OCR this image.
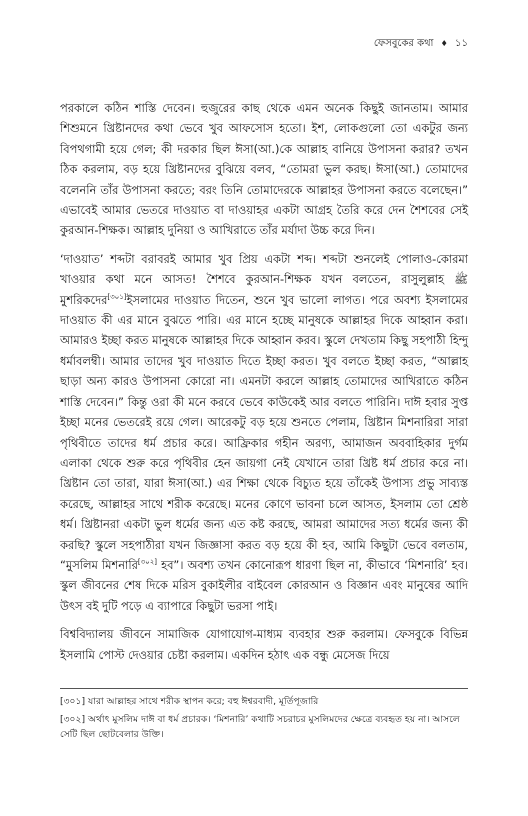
ফেসবুকের কথা ♦ ১১

পরকালে কঠিন শাস্তি দেবেন। হুজুরের কাছ থেকে এমন অনেক কিছুই জানতাম। আমার শিশুমনে খ্রিষ্টানদের কথা ভেবে খুব আফসোস হতো। ইশ, লোকগুলো তো একটুর জন্য বিপথগামী হয়ে গেল; কী দরকার ছিল ঈসা(আ.)কে আল্লাহ বানিয়ে উপাসনা করার? তখন ঠিক করলাম, বড় হয়ে খ্রিষ্টানদের বুঝিয়ে বলব, “তোমরা ভুল করছ। ঈসা(আ.) তোমাদের বলেননি তাঁর উপাসনা করতে; বরং তিনি তোমাদেরকে আল্লাহর উপাসনা করতে বলেছেন।” এভাবেই আমার ভেতরে দাওয়াত বা দাওয়াহর একটা আগ্রহ তৈরি করে দেন শৈশবের সেই কুরআন-শিক্ষক। আল্লাহ দুনিয়া ও আখিরাতে তাঁর মর্যাদা উচ্চ করে দিন।

‘দাওয়াত’ শব্দটা বরাবরই আমার খুব প্রিয় একটা শব্দ। শব্দটা শুনলেই পোলাও-কোরমা খাওয়ার কথা মনে আসত! শৈশবে কুরআন-শিক্ষক যখন বলতেন, রাসুলুল্লাহ ﷺ মুশরিকদের[৩০১]ইসলামের দাওয়াত দিতেন, শুনে খুব ভালো লাগত। পরে অবশ্য ইসলামের দাওয়াত কী এর মানে বুঝতে পারি। এর মানে হচ্ছে মানুষকে আল্লাহর দিকে আহ্বান করা। আমারও ইচ্ছা করত মানুষকে আল্লাহর দিকে আহ্বান করব। স্কুলে দেখতাম কিছু সহপাঠী হিন্দু ধর্মাবলম্বী। আমার তাদের খুব দাওয়াত দিতে ইচ্ছা করত। খুব বলতে ইচ্ছা করত, “আল্লাহ ছাড়া অন্য কারও উপাসনা কোরো না। এমনটা করলে আল্লাহ তোমাদের আখিরাতে কঠিন শাস্তি দেবেন।” কিন্তু ওরা কী মনে করবে ভেবে কাউকেই আর বলতে পারিনি। দাঈ হবার সুপ্ত ইচ্ছা মনের ভেতরেই রয়ে গেল। আরেকটু বড় হয়ে শুনতে পেলাম, খ্রিষ্টান মিশনারিরা সারা পৃথিবীতে তাদের ধর্ম প্রচার করে। আফ্রিকার গহীন অরণ্য, আমাজন অববাহিকার দুর্গম এলাকা থেকে শুরু করে পৃথিবীর হেন জায়গা নেই যেখানে তারা খ্রিষ্ট ধর্ম প্রচার করে না। খ্রিষ্টান তো তারা, যারা ঈসা(আ.) এর শিক্ষা থেকে বিচ্যুত হয়ে তাঁকেই উপাস্য প্রভু সাব্যস্ত করেছে, আল্লাহর সাথে শরীক করেছে। মনের কোণে ভাবনা চলে আসত, ইসলাম তো শ্রেষ্ঠ ধর্ম। খ্রিষ্টানরা একটা ভুল ধর্মের জন্য এত কষ্ট করছে, আমরা আমাদের সত্য ধর্মের জন্য কী করছি? স্কুলে সহপাঠীরা যখন জিজ্ঞাসা করত বড় হয়ে কী হব, আমি কিছুটা ভেবে বলতাম, “মুসলিম মিশনারি[৩০২] হব”। অবশ্য তখন কোনোরূপ ধারণা ছিল না, কীভাবে ‘মিশনারি’ হব। স্কুল জীবনের শেষ দিকে মরিস বুকাইলীর বাইবেল কোরআন ও বিজ্ঞান এবং মানুষের আদি উৎস বই দুটি পড়ে এ ব্যাপারে কিছুটা ভরসা পাই।

বিশ্ববিদ্যালয় জীবনে সামাজিক যোগাযোগ-মাধ্যম ব্যবহার শুরু করলাম। ফেসবুকে বিভিন্ন ইসলামি পোস্ট দেওয়ার চেষ্টা করলাম। একদিন হঠাৎ এক বন্ধু মেসেজ দিয়ে

[৩০১] যারা আল্লাহর সাথে শরীক স্থাপন করে; বহু ঈশ্বরবাদী, মূর্তিপূজারি

[৩০২] অর্থাৎ মুসলিম দাঈ বা ধর্ম প্রচারক। ‘মিশনারি’ কথাটি সচরাচর মুসলিমদের ক্ষেত্রে ব্যবহৃত হয় না। আসলে সেটি ছিল ছোটবেলার উক্তি।
